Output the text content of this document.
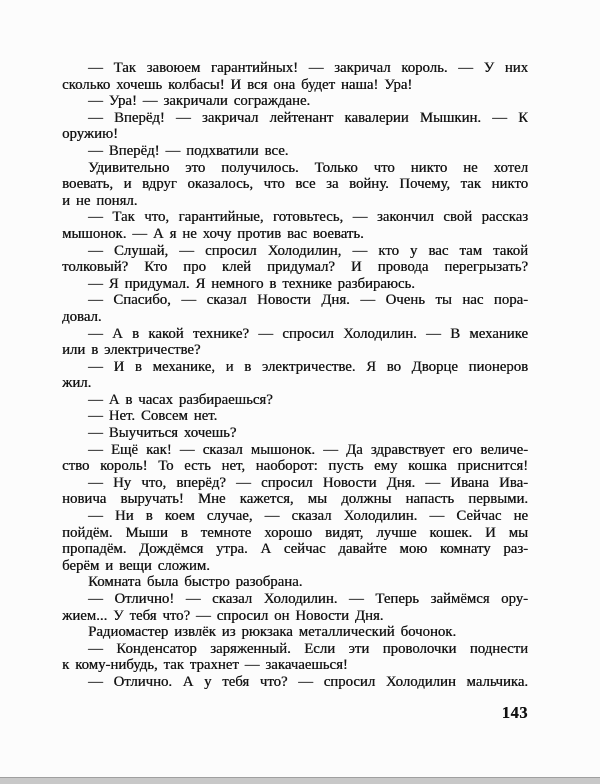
— Так завоюем гарантийных! — закричал король. — У них
сколько хочешь колбасы! И вся она будет наша! Ура!
— Ура! — закричали сограждане.
— Вперёд! — закричал лейтенант кавалерии Мышкин. — К
оружию!
— Вперёд! — подхватили все.
Удивительно это получилось. Только что никто не хотел
воевать, и вдруг оказалось, что все за войну. Почему, так никто
и не понял.
— Так что, гарантийные, готовьтесь, — закончил свой рассказ
мышонок. — А я не хочу против вас воевать.
— Слушай, — спросил Холодилин, — кто у вас там такой
толковый? Кто про клей придумал? И провода перегрызать?
— Я придумал. Я немного в технике разбираюсь.
— Спасибо, — сказал Новости Дня. — Очень ты нас пора-
довал.
— А в какой технике? — спросил Холодилин. — В механике
или в электричестве?
— И в механике, и в электричестве. Я во Дворце пионеров
жил.
— А в часах разбираешься?
— Нет. Совсем нет.
— Выучиться хочешь?
— Ещё как! — сказал мышонок. — Да здравствует его величе-
ство король! То есть нет, наоборот: пусть ему кошка приснится!
— Ну что, вперёд? — спросил Новости Дня. — Ивана Ива-
новича выручать! Мне кажется, мы должны напасть первыми.
— Ни в коем случае, — сказал Холодилин. — Сейчас не
пойдём. Мыши в темноте хорошо видят, лучше кошек. И мы
пропадём. Дождёмся утра. А сейчас давайте мою комнату раз-
берём и вещи сложим.
Комната была быстро разобрана.
— Отлично! — сказал Холодилин. — Теперь займёмся ору-
жием... У тебя что? — спросил он Новости Дня.
Радиомастер извлёк из рюкзака металлический бочонок.
— Конденсатор заряженный. Если эти проволочки поднести
к кому-нибудь, так трахнет — закачаешься!
— Отлично. А у тебя что? — спросил Холодилин мальчика.
143
